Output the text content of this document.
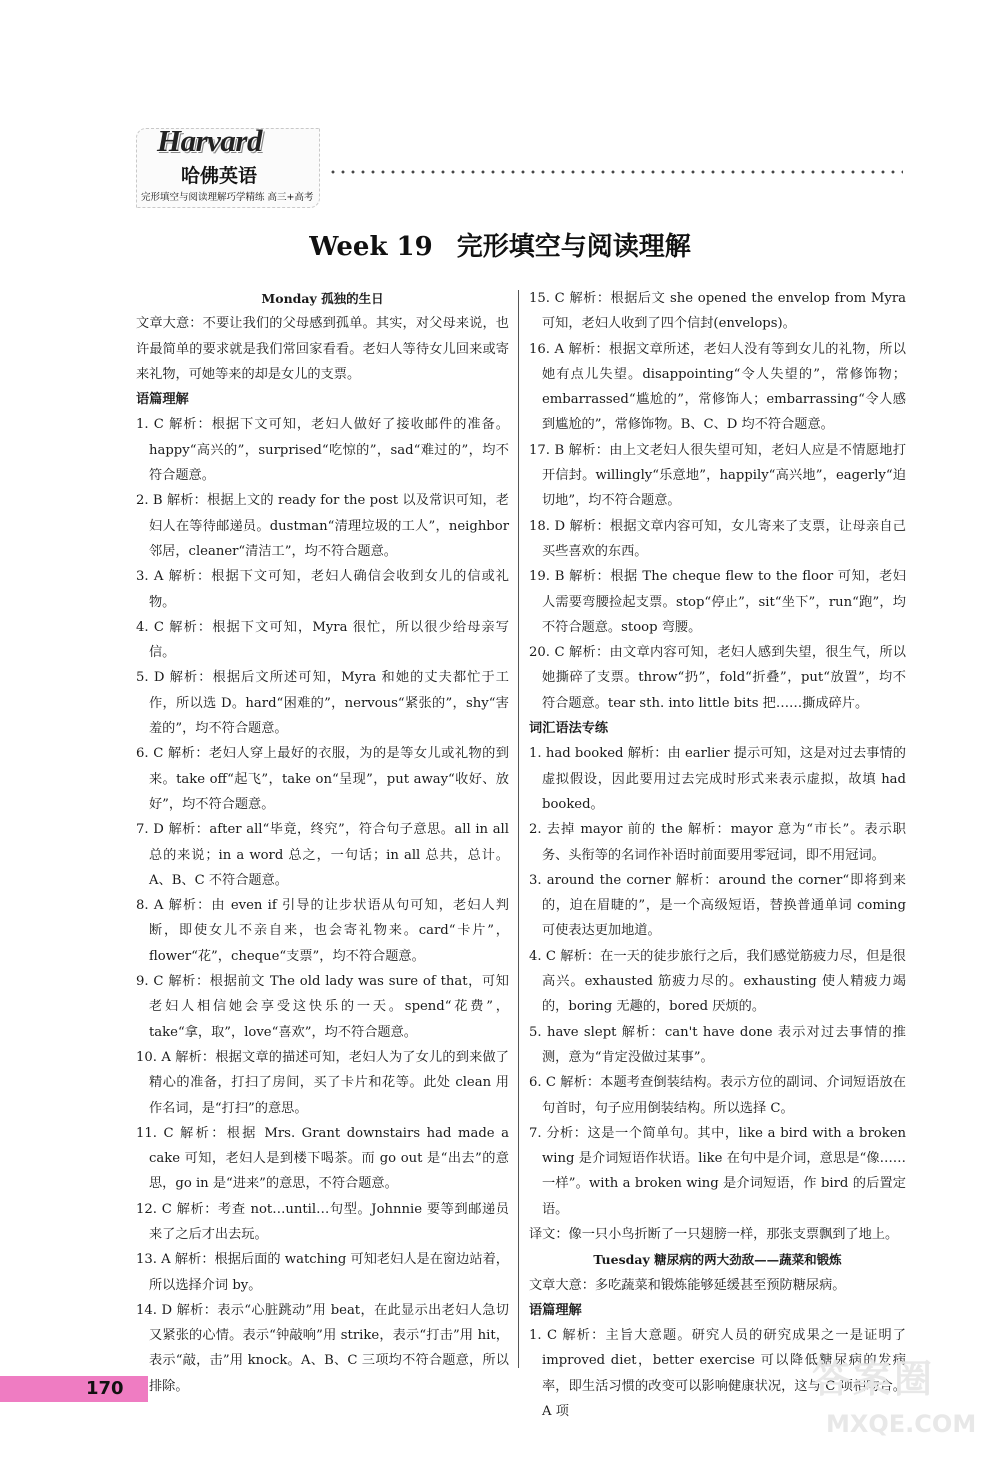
Harvard
哈佛英语
完形填空与阅读理解巧学精练 高三+高考
Week 19 完形填空与阅读理解

Monday 孤独的生日

文章大意：不要让我们的父母感到孤单。其实，对父母来说，也许最简单的要求就是我们常回家看看。老妇人等待女儿回来或寄来礼物，可她等来的却是女儿的支票。

语篇理解

1. C 解析：根据下文可知，老妇人做好了接收邮件的准备。happy“高兴的”，surprised“吃惊的”，sad“难过的”，均不符合题意。

2. B 解析：根据上文的 ready for the post 以及常识可知，老妇人在等待邮递员。dustman“清理垃圾的工人”，neighbor 邻居，cleaner“清洁工”，均不符合题意。

3. A 解析：根据下文可知，老妇人确信会收到女儿的信或礼物。

4. C 解析：根据下文可知，Myra 很忙，所以很少给母亲写信。

5. D 解析：根据后文所述可知，Myra 和她的丈夫都忙于工作，所以选 D。hard“困难的”，nervous“紧张的”，shy“害羞的”，均不符合题意。

6. C 解析：老妇人穿上最好的衣服，为的是等女儿或礼物的到来。take off“起飞”，take on“呈现”，put away“收好、放好”，均不符合题意。

7. D 解析：after all“毕竟，终究”，符合句子意思。all in all 总的来说；in a word 总之，一句话；in all 总共，总计。A、B、C 不符合题意。

8. A 解析：由 even if 引导的让步状语从句可知，老妇人判断，即使女儿不亲自来，也会寄礼物来。card“卡片”，flower“花”，cheque“支票”，均不符合题意。

9. C 解析：根据前文 The old lady was sure of that，可知老妇人相信她会享受这快乐的一天。spend“花费”，take“拿，取”，love“喜欢”，均不符合题意。

10. A 解析：根据文章的描述可知，老妇人为了女儿的到来做了精心的准备，打扫了房间，买了卡片和花等。此处 clean 用作名词，是“打扫”的意思。

11. C 解析：根据 Mrs. Grant downstairs had made a cake 可知，老妇人是到楼下喝茶。而 go out 是“出去”的意思，go in 是“进来”的意思，不符合题意。

12. C 解析：考查 not…until…句型。Johnnie 要等到邮递员来了之后才出去玩。

13. A 解析：根据后面的 watching 可知老妇人是在窗边站着，所以选择介词 by。

14. D 解析：表示“心脏跳动”用 beat，在此显示出老妇人急切又紧张的心情。表示“钟敲响”用 strike，表示“打击”用 hit，表示“敲，击”用 knock。A、B、C 三项均不符合题意，所以排除。

15. C 解析：根据后文 she opened the envelop from Myra 可知，老妇人收到了四个信封(envelops)。

16. A 解析：根据文章所述，老妇人没有等到女儿的礼物，所以她有点儿失望。disappointing“令人失望的”，常修饰物；embarrassed“尴尬的”，常修饰人；embarrassing“令人感到尴尬的”，常修饰物。B、C、D 均不符合题意。

17. B 解析：由上文老妇人很失望可知，老妇人应是不情愿地打开信封。willingly“乐意地”，happily“高兴地”，eagerly“迫切地”，均不符合题意。

18. D 解析：根据文章内容可知，女儿寄来了支票，让母亲自己买些喜欢的东西。

19. B 解析：根据 The cheque flew to the floor 可知，老妇人需要弯腰捡起支票。stop“停止”，sit“坐下”，run“跑”，均不符合题意。stoop 弯腰。

20. C 解析：由文章内容可知，老妇人感到失望，很生气，所以她撕碎了支票。throw“扔”，fold“折叠”，put“放置”，均不符合题意。tear sth. into little bits 把……撕成碎片。

词汇语法专练

1. had booked 解析：由 earlier 提示可知，这是对过去事情的虚拟假设，因此要用过去完成时形式来表示虚拟，故填 had booked。

2. 去掉 mayor 前的 the 解析：mayor 意为“市长”。表示职务、头衔等的名词作补语时前面要用零冠词，即不用冠词。

3. around the corner 解析：around the corner“即将到来的，迫在眉睫的”，是一个高级短语，替换普通单词 coming 可使表达更加地道。

4. C 解析：在一天的徒步旅行之后，我们感觉筋疲力尽，但是很高兴。exhausted 筋疲力尽的。exhausting 使人精疲力竭的，boring 无趣的，bored 厌烦的。

5. have slept 解析：can't have done 表示对过去事情的推测，意为“肯定没做过某事”。

6. C 解析：本题考查倒装结构。表示方位的副词、介词短语放在句首时，句子应用倒装结构。所以选择 C。

7. 分析：这是一个简单句。其中，like a bird with a broken wing 是介词短语作状语。like 在句中是介词，意思是“像……一样”。with a broken wing 是介词短语，作 bird 的后置定语。

译文：像一只小鸟折断了一只翅膀一样，那张支票飘到了地上。

Tuesday 糖尿病的两大劲敌——蔬菜和锻炼

文章大意：多吃蔬菜和锻炼能够延缓甚至预防糖尿病。

语篇理解

1. C 解析：主旨大意题。研究人员的研究成果之一是证明了 improved diet，better exercise 可以降低糖尿病的发病率，即生活习惯的改变可以影响健康状况，这与 C 项相吻合。A 项

170	答案圈
MXQE.COM
